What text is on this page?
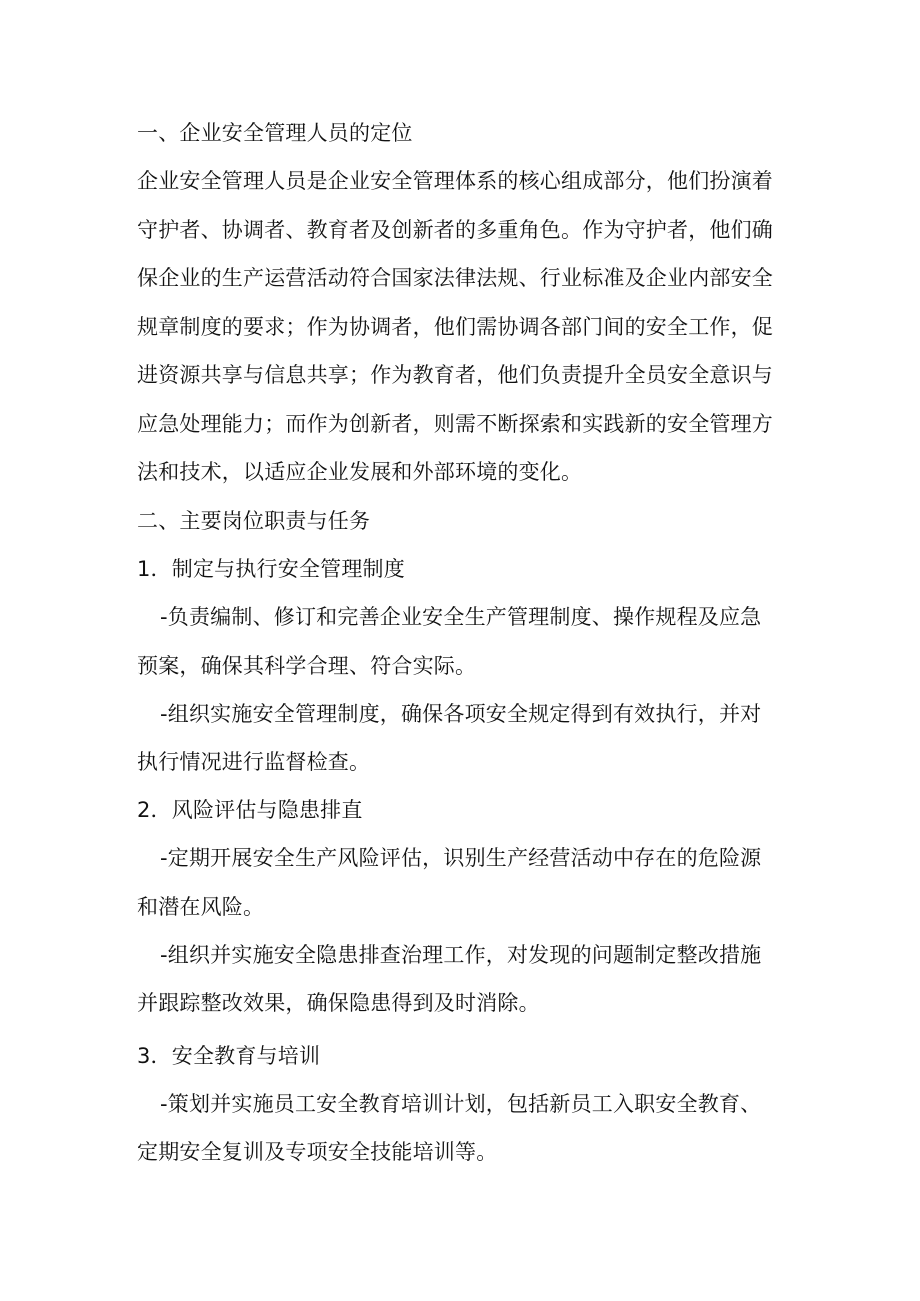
一、企业安全管理人员的定位
企业安全管理人员是企业安全管理体系的核心组成部分，他们扮演着
守护者、协调者、教育者及创新者的多重角色。作为守护者，他们确
保企业的生产运营活动符合国家法律法规、行业标准及企业内部安全
规章制度的要求；作为协调者，他们需协调各部门间的安全工作，促
进资源共享与信息共享；作为教育者，他们负责提升全员安全意识与
应急处理能力；而作为创新者，则需不断探索和实践新的安全管理方
法和技术，以适应企业发展和外部环境的变化。
二、主要岗位职责与任务
1．制定与执行安全管理制度
-负责编制、修订和完善企业安全生产管理制度、操作规程及应急
预案，确保其科学合理、符合实际。
-组织实施安全管理制度，确保各项安全规定得到有效执行，并对
执行情况进行监督检查。
2．风险评估与隐患排直
-定期开展安全生产风险评估，识别生产经营活动中存在的危险源
和潜在风险。
-组织并实施安全隐患排查治理工作，对发现的问题制定整改措施
并跟踪整改效果，确保隐患得到及时消除。
3．安全教育与培训
-策划并实施员工安全教育培训计划，包括新员工入职安全教育、
定期安全复训及专项安全技能培训等。
